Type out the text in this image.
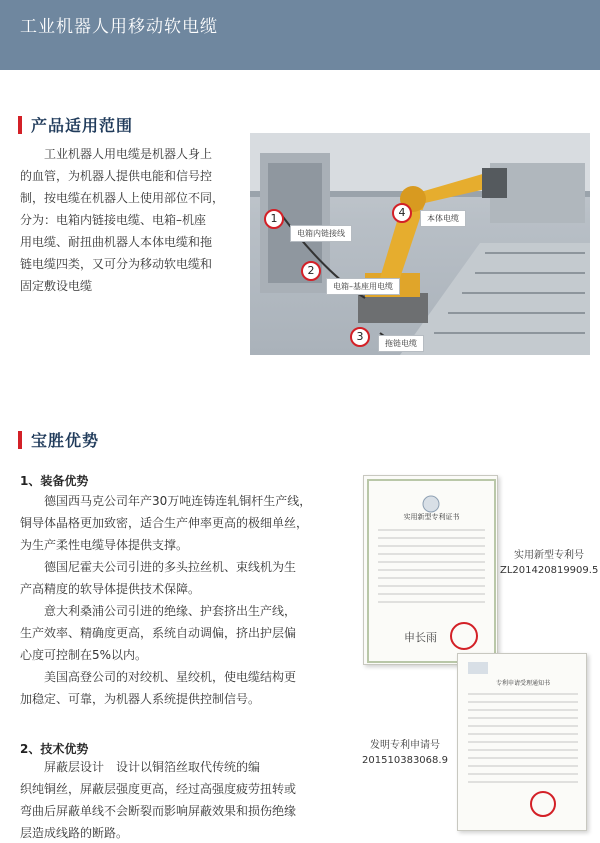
工业机器人用移动软电缆
产品适用范围
工业机器人用电缆是机器人身上
的血管，为机器人提供电能和信号控
制，按电缆在机器人上使用部位不同，
分为：电箱内链接电缆、电箱–机座
用电缆、耐扭曲机器人本体电缆和拖
链电缆四类，又可分为移动软电缆和
固定敷设电缆
1
电箱内链接线
2
电箱–基座用电缆
3
拖链电缆
4	本体电缆
宝胜优势
1、装备优势
德国西马克公司年产30万吨连铸连轧铜杆生产线，
铜导体晶格更加致密，适合生产伸率更高的极细单丝，
为生产柔性电缆导体提供支撑。
德国尼霍夫公司引进的多头拉丝机、束线机为生
产高精度的软导体提供技术保障。
意大利桑浦公司引进的绝缘、护套挤出生产线，
生产效率、精确度更高，系统自动调偏，挤出护层偏
心度可控制在5%以内。
美国高登公司的对绞机、星绞机，使电缆结构更
加稳定、可靠，为机器人系统提供控制信号。
2、技术优势
屏蔽层设计　设计以铜箔丝取代传统的编
织纯铜丝，屏蔽层强度更高，经过高强度疲劳扭转或
弯曲后屏蔽单线不会断裂而影响屏蔽效果和损伤绝缘
层造成线路的断路。
申长雨
实用新型专利证书
实用新型专利号
ZL201420819909.5
专利申请受理通知书
发明专利申请号
201510383068.9
